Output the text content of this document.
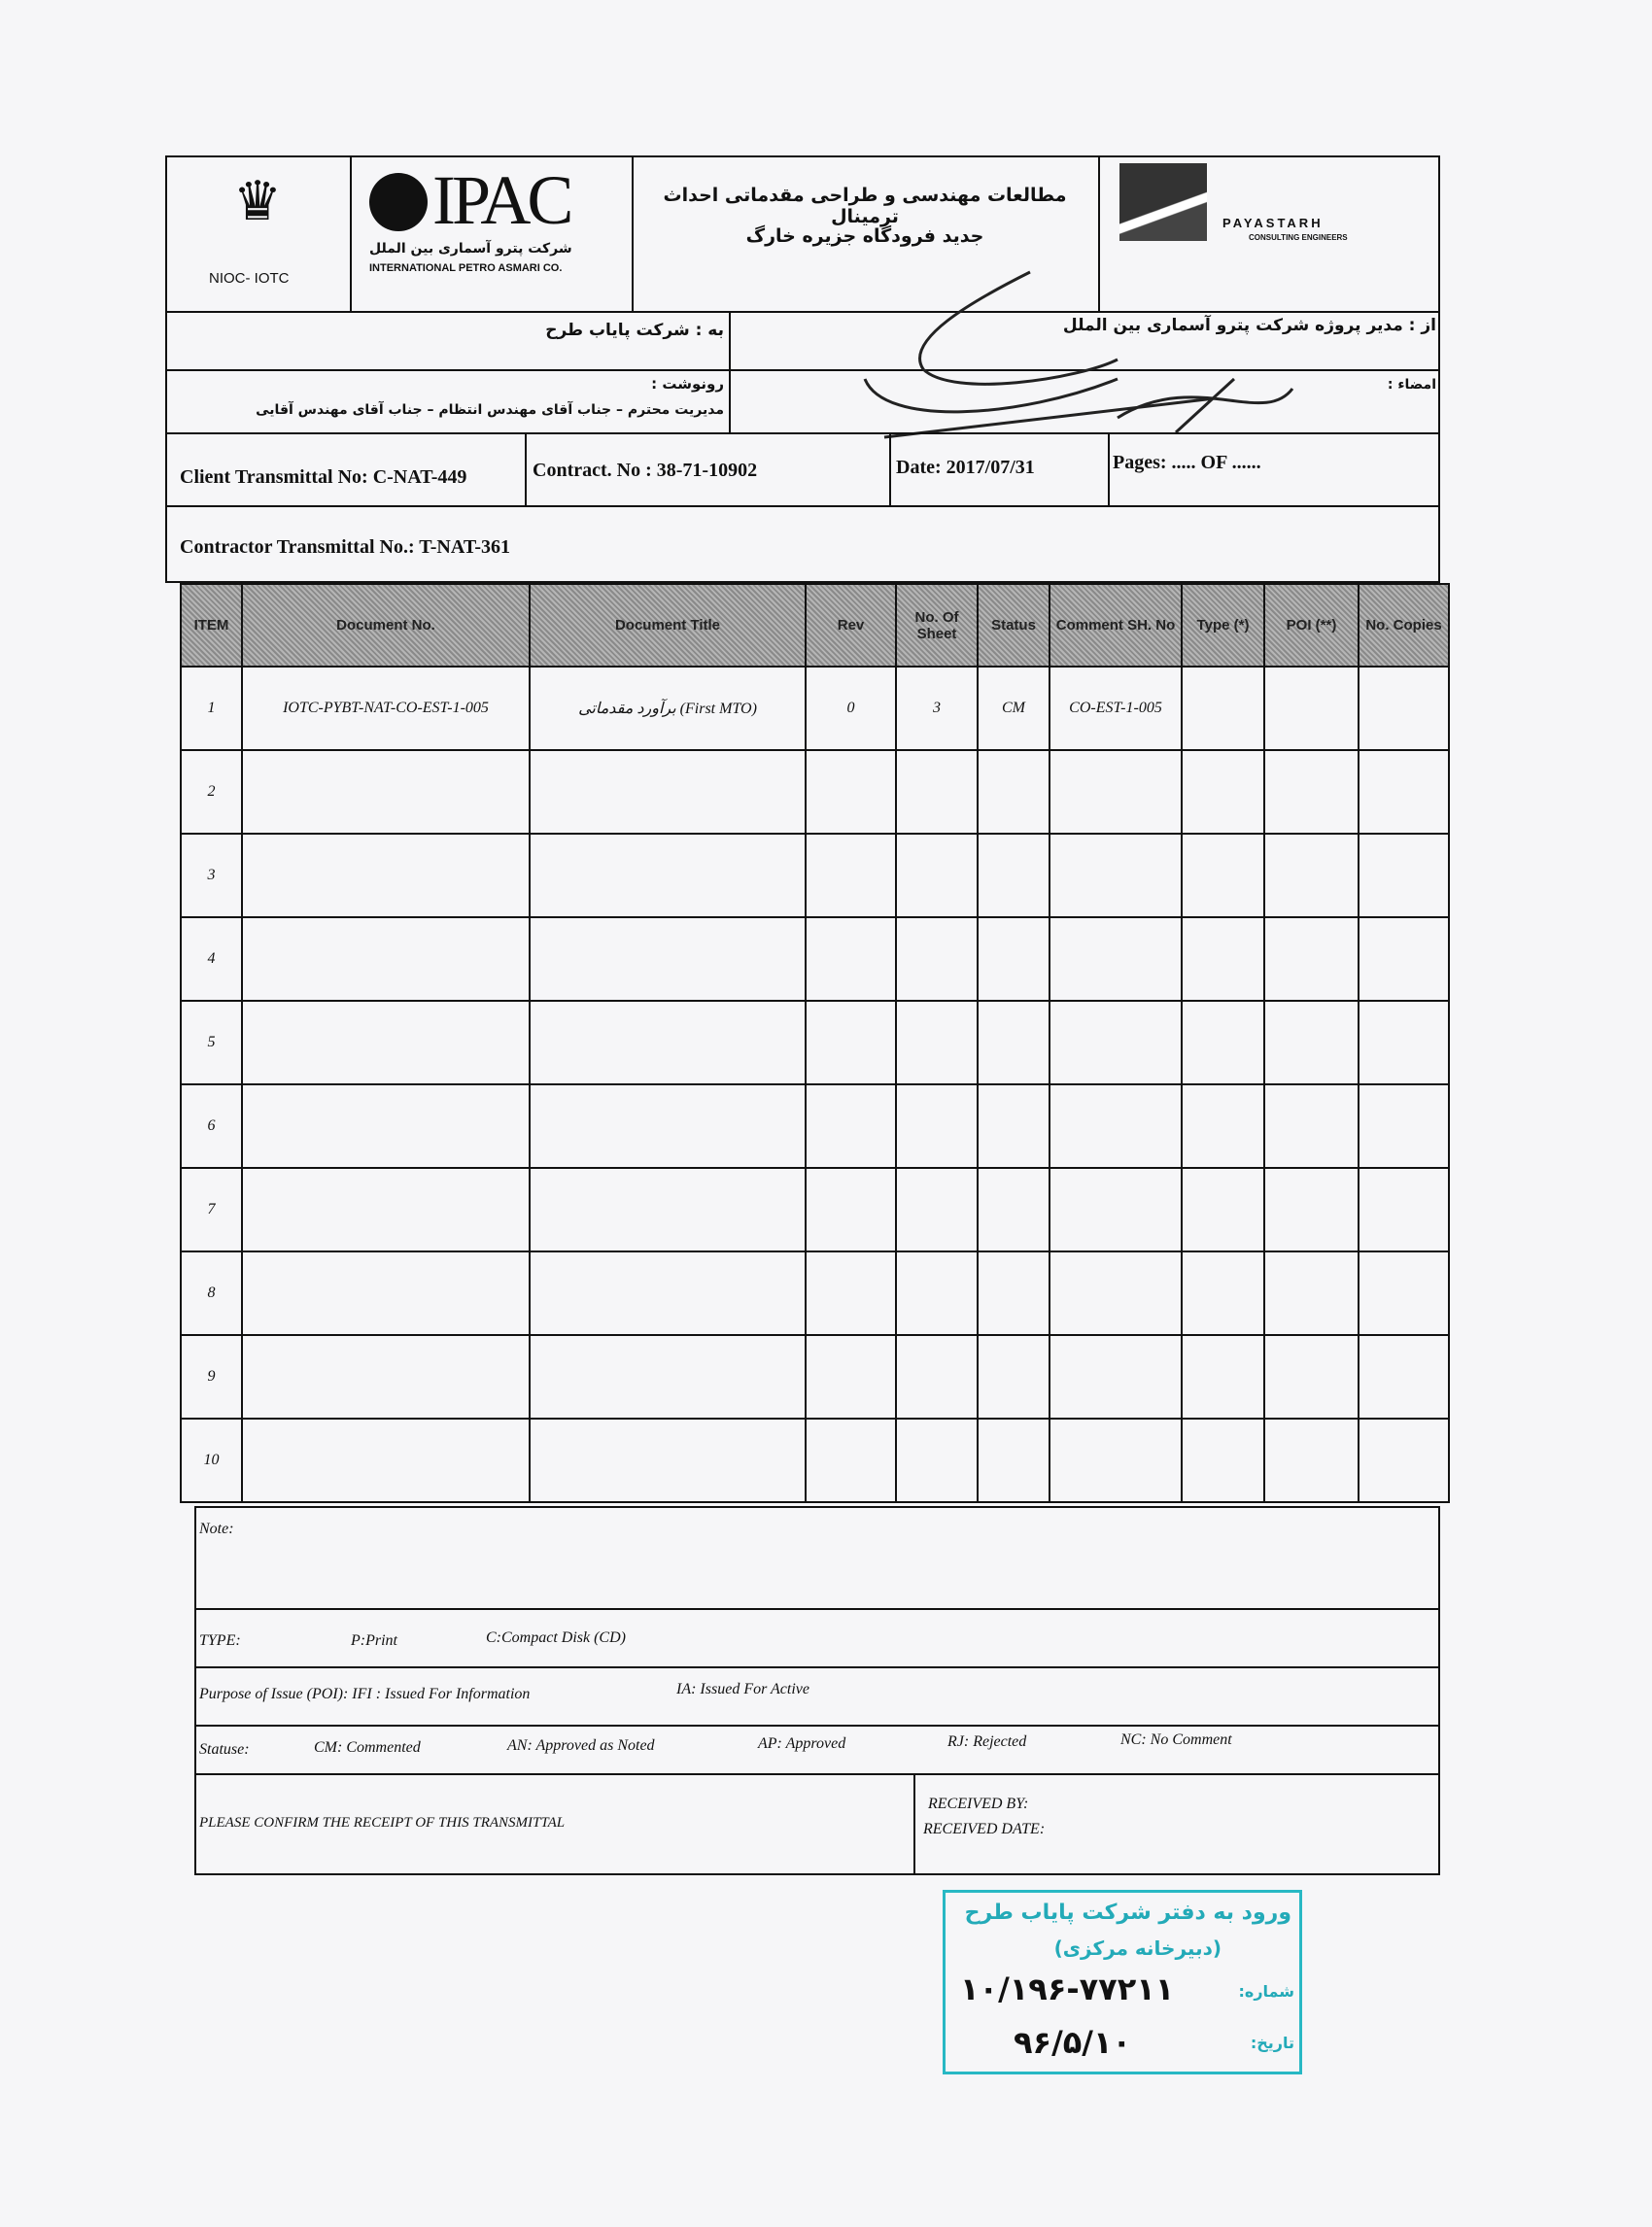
♛
NIOC- IOTC
IPAC
شرکت پترو آسماری بین الملل
INTERNATIONAL PETRO ASMARI CO.
مطالعات مهندسی و طراحی مقدماتی احداث ترمینال
جدید فرودگاه جزیره خارگ
PAYASTARH
CONSULTING ENGINEERS
از : مدیر پروژه شرکت پترو آسماری بین الملل
به : شرکت پایاب طرح
رونوشت :
مدیریت محترم – جناب آقای مهندس انتظام – جناب آقای مهندس آقایی
امضاء :
Client Transmittal No: C-NAT-449	Contract. No : 38-71-10902	Date: 2017/07/31	Pages: ..... OF ......
Contractor Transmittal No.: T-NAT-361
ITEM	Document No.	Document Title	Rev	No. Of Sheet	Status	Comment SH. No	Type (*)	POI (**)	No. Copies
1	IOTC-PYBT-NAT-CO-EST-1-005	(First MTO) برآورد مقدماتی	0	3	CM	CO-EST-1-005			
2									
3									
4									
5									
6									
7									
8									
9									
10									
Note:
TYPE:	P:Print	C:Compact Disk (CD)
Purpose of Issue (POI): IFI : Issued For Information	IA: Issued For Active
Statuse:	CM: Commented	AN: Approved as Noted	AP: Approved	RJ: Rejected	NC: No Comment
PLEASE CONFIRM THE RECEIPT OF THIS TRANSMITTAL
RECEIVED BY:
RECEIVED DATE:
ورود به دفتر شرکت پایاب طرح
(دبیرخانه مرکزی)
شماره:
۱۰/۱۹۶-۷۷۲۱۱
تاریخ:
۹۶/۵/۱۰
